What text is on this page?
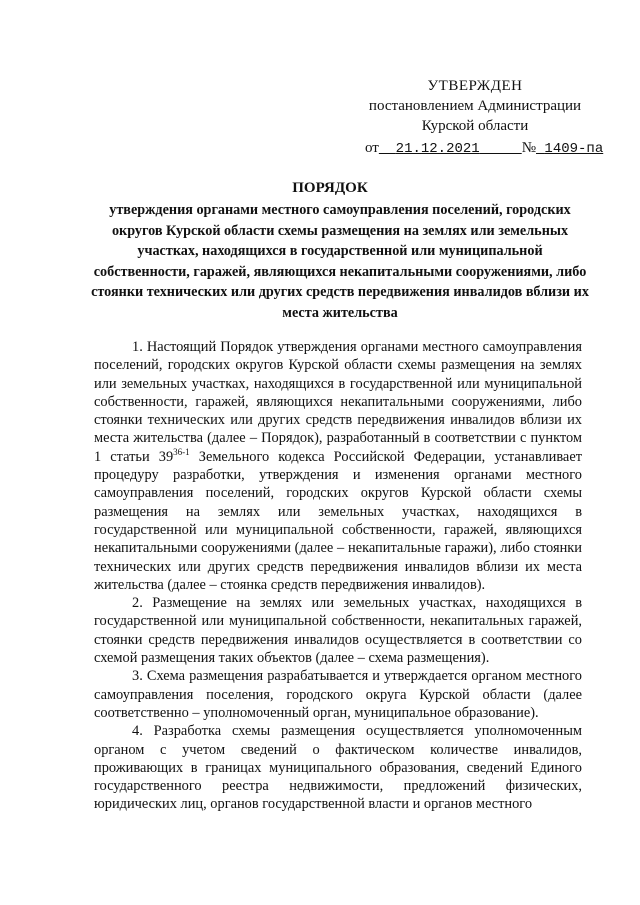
УТВЕРЖДЕН
постановлением Администрации
Курской области
от 21.12.2021	№ 1409-па
ПОРЯДОК
утверждения органами местного самоуправления поселений, городских округов Курской области схемы размещения на землях или земельных участках, находящихся в государственной или муниципальной собственности, гаражей, являющихся некапитальными сооружениями, либо стоянки технических или других средств передвижения инвалидов вблизи их места жительства

1. Настоящий Порядок утверждения органами местного самоуправления поселений, городских округов Курской области схемы размещения на землях или земельных участках, находящихся в государственной или муниципальной собственности, гаражей, являющихся некапитальными сооружениями, либо стоянки технических или других средств передвижения инвалидов вблизи их места жительства (далее – Порядок), разработанный в соответствии с пунктом 1 статьи 39$^{36-1}$ Земельного кодекса Российской Федерации, устанавливает процедуру разработки, утверждения и изменения органами местного самоуправления поселений, городских округов Курской области схемы размещения на землях или земельных участках, находящихся в государственной или муниципальной собственности, гаражей, являющихся некапитальными сооружениями (далее – некапитальные гаражи), либо стоянки технических или других средств передвижения инвалидов вблизи их места жительства (далее – стоянка средств передвижения инвалидов).

2. Размещение на землях или земельных участках, находящихся в государственной или муниципальной собственности, некапитальных гаражей, стоянки средств передвижения инвалидов осуществляется в соответствии со схемой размещения таких объектов (далее – схема размещения).

3. Схема размещения разрабатывается и утверждается органом местного самоуправления поселения, городского округа Курской области (далее соответственно – уполномоченный орган, муниципальное образование).

4. Разработка схемы размещения осуществляется уполномоченным органом с учетом сведений о фактическом количестве инвалидов, проживающих в границах муниципального образования, сведений Единого государственного реестра недвижимости, предложений физических, юридических лиц, органов государственной власти и органов местного
